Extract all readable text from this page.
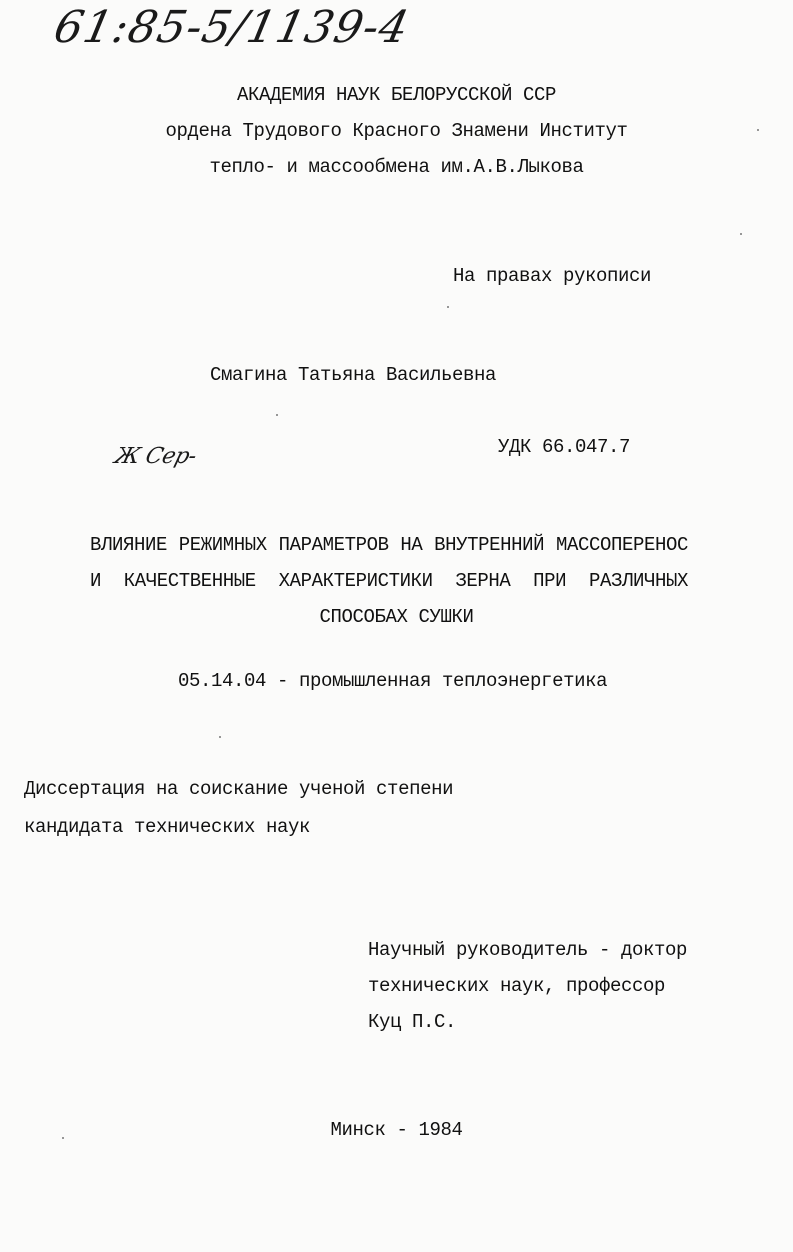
61:85-5/1139-4
АКАДЕМИЯ НАУК БЕЛОРУССКОЙ ССР
ордена Трудового Красного Знамени Институт
тепло- и массообмена им.А.В.Лыкова
На правах рукописи
Смагина Татьяна Васильевна
Ж Сер-	УДК 66.047.7
ВЛИЯНИЕ РЕЖИМНЫХ ПАРАМЕТРОВ НА ВНУТРЕННИЙ МАССОПЕРЕНОС
И КАЧЕСТВЕННЫЕ ХАРАКТЕРИСТИКИ ЗЕРНА ПРИ РАЗЛИЧНЫХ
СПОСОБАХ СУШКИ
05.14.04 - промышленная теплоэнергетика
Диссертация на соискание ученой степени
кандидата технических наук
Научный руководитель - доктор
технических наук, профессор
Куц П.С.
Минск - 1984
